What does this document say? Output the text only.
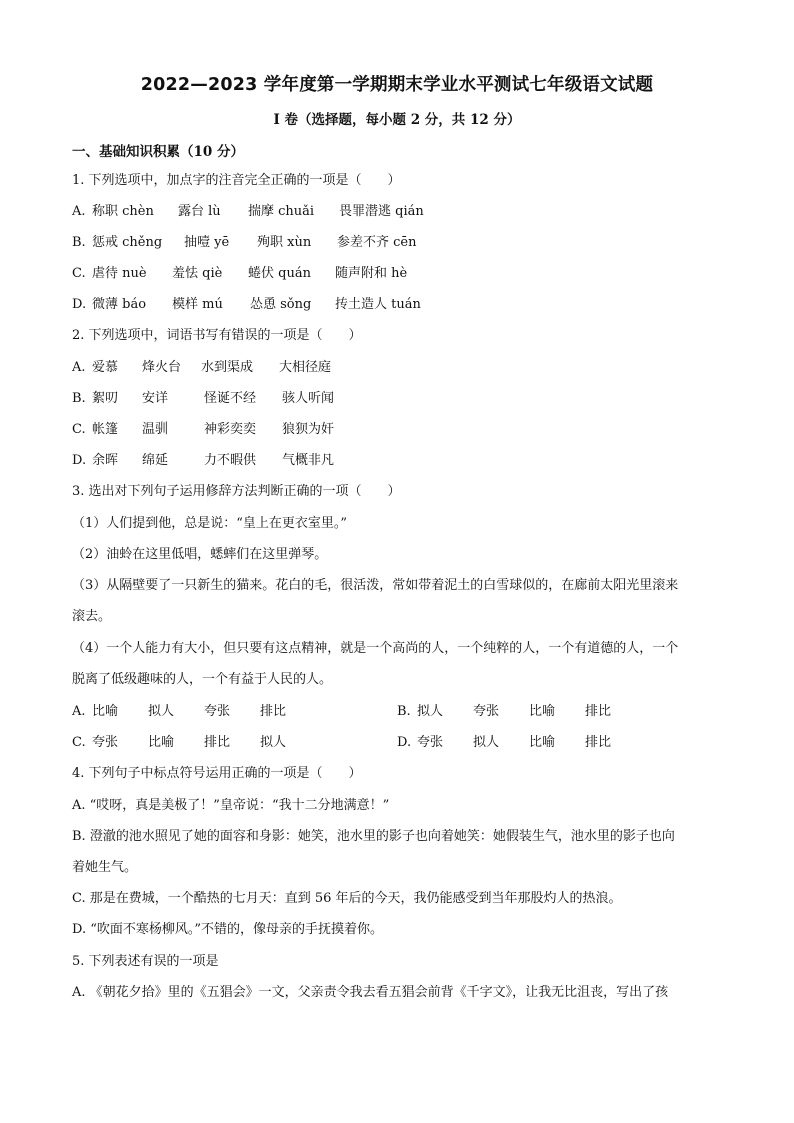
2022—2023 学年度第一学期期末学业水平测试七年级语文试题
I 卷（选择题，每小题 2 分，共 12 分）
一、基础知识积累（10 分）
1. 下列选项中，加点字的注音完全正确的一项是（　　）
A. 称职 chèn 露台 lù 揣摩 chuǎi 畏罪潜逃 qián
B. 惩戒 chěng 抽噎 yē 殉职 xùn 参差不齐 cēn
C. 虐待 nuè 羞怯 qiè 蜷伏 quán 随声附和 hè
D. 微薄 báo 模样 mú 怂恿 sǒng 抟土造人 tuán
2. 下列选项中，词语书写有错误的一项是（　　）
A. 爱慕 烽火台 水到渠成 大相径庭
B. 絮叨 安详	怪诞不经 骇人听闻
C. 帐篷 温驯	神彩奕奕 狼狈为奸
D. 余晖 绵延	力不暇供 气概非凡
3. 选出对下列句子运用修辞方法判断正确的一项（　　）
（1）人们提到他，总是说：“皇上在更衣室里。”
（2）油蛉在这里低唱，蟋蟀们在这里弹琴。
（3）从隔壁要了一只新生的猫来。花白的毛，很活泼，常如带着泥土的白雪球似的，在廊前太阳光里滚来
滚去。
（4）一个人能力有大小，但只要有这点精神，就是一个高尚的人，一个纯粹的人，一个有道德的人，一个
脱离了低级趣味的人，一个有益于人民的人。
A. 比喻 拟人 夸张 排比	B. 拟人 夸张 比喻 排比
C. 夸张 比喻 排比 拟人	D. 夸张 拟人 比喻 排比
4. 下列句子中标点符号运用正确的一项是（　　）
A. “哎呀，真是美极了！”皇帝说：“我十二分地满意！”
B. 澄澈的池水照见了她的面容和身影：她笑，池水里的影子也向着她笑：她假装生气，池水里的影子也向
着她生气。
C. 那是在费城，一个酷热的七月天：直到 56 年后的今天，我仍能感受到当年那股灼人的热浪。
D. “吹面不寒杨柳风。”不错的，像母亲的手抚摸着你。
5. 下列表述有误的一项是
A. 《朝花夕拾》里的《五猖会》一文，父亲责令我去看五猖会前背《千字文》，让我无比沮丧，写出了孩
